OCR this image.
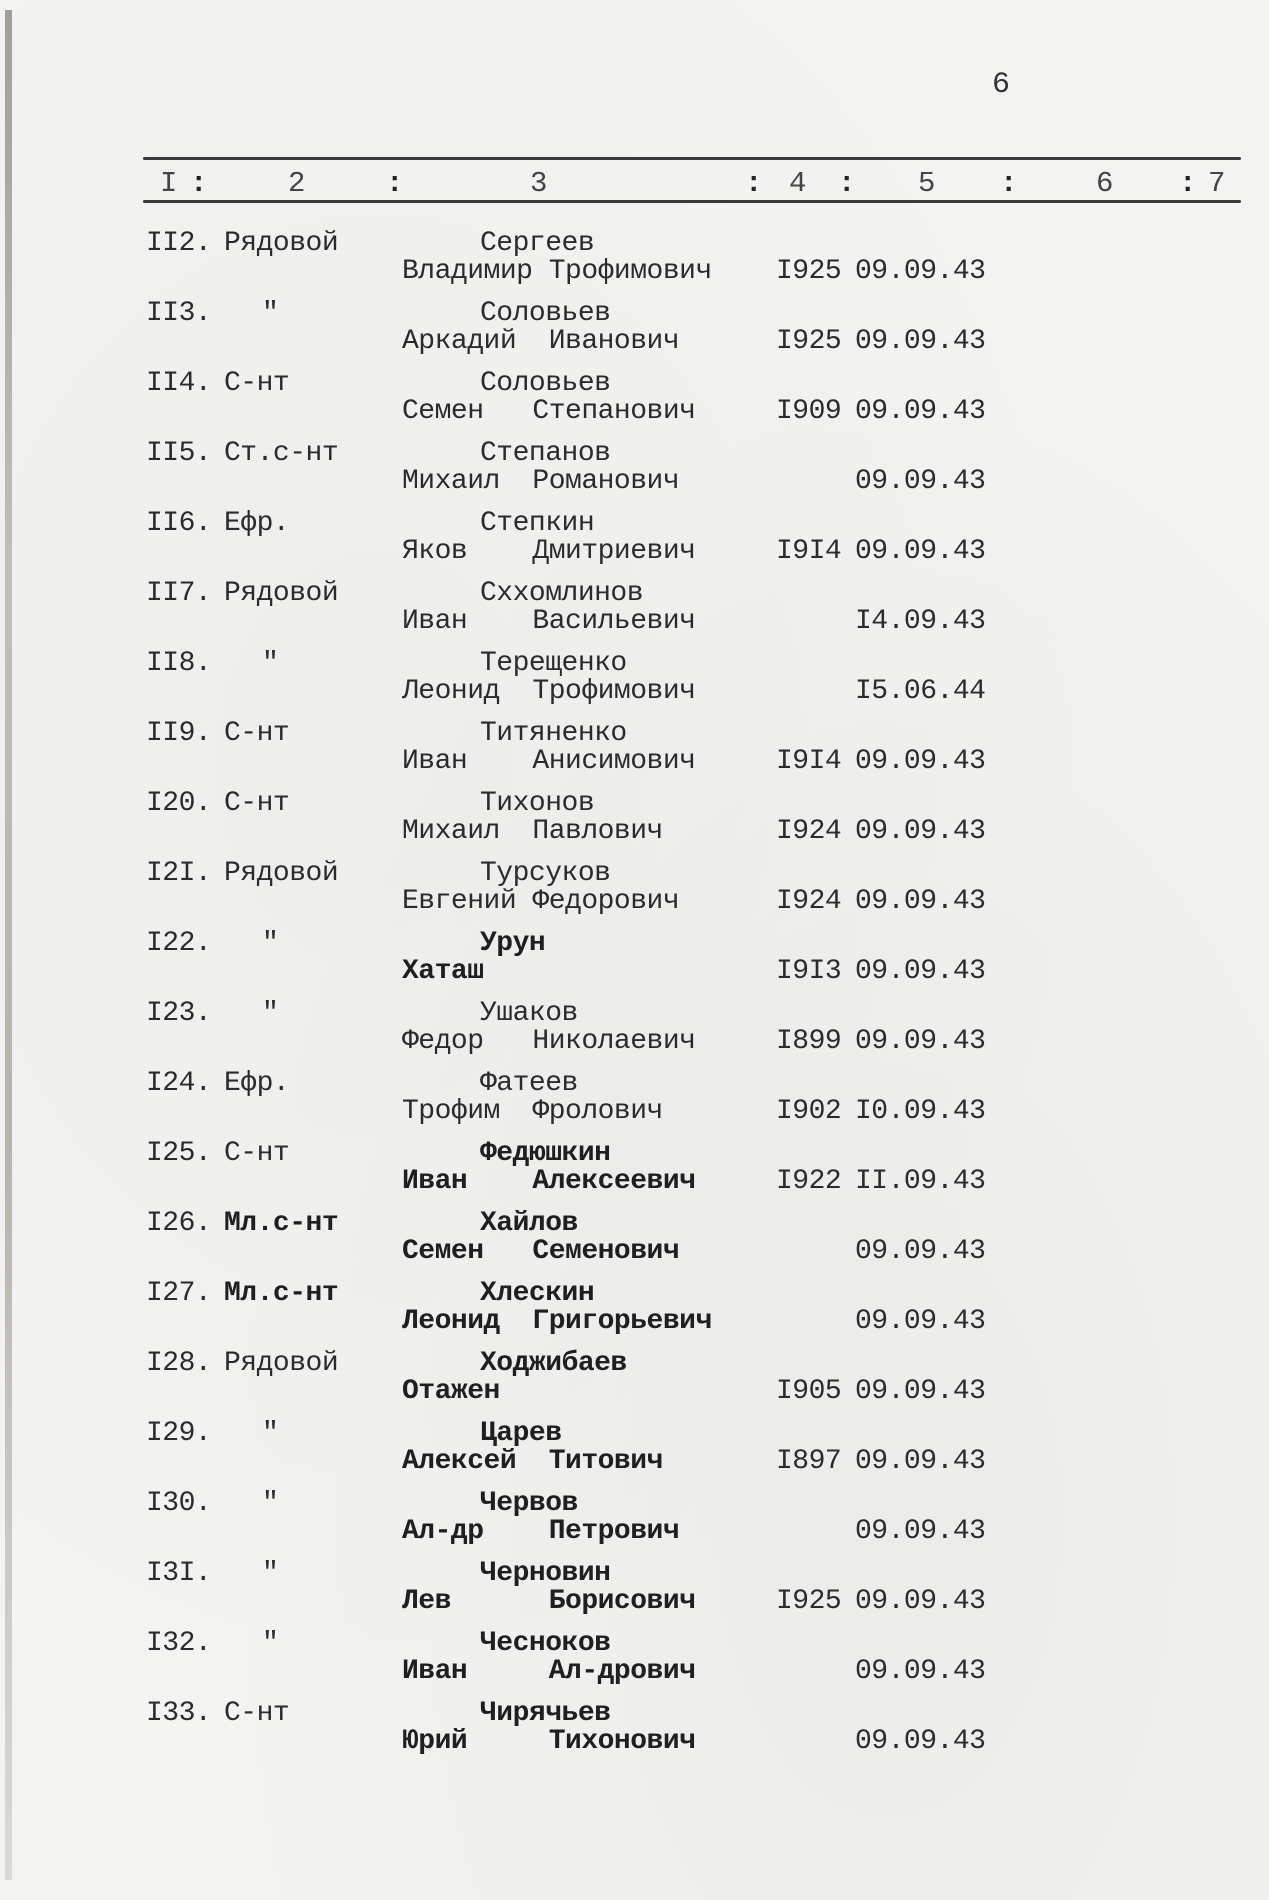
6
I :	2	:	3	: 4 : 5 :	6 : 7
II2. Рядовой	Сергеев
Владимир Трофимович I925 09.09.43
II3. "	Соловьев
Аркадий  Иванович	I925 09.09.43
II4. С-нт	Соловьев
Семен   Степанович	I909 09.09.43
II5. Ст.с-нт	Степанов
Михаил  Романович	09.09.43
II6. Ефр.	Степкин
Яков    Дмитриевич	I9I4 09.09.43
II7. Рядовой	Сххомлинов
Иван    Васильевич	I4.09.43
II8. "	Терещенко
Леонид  Трофимович	I5.06.44
II9. С-нт	Титяненко
Иван    Анисимович	I9I4 09.09.43
I20. С-нт	Тихонов
Михаил  Павлович	I924 09.09.43
I2I. Рядовой	Турсуков
Евгений Федорович	I924 09.09.43
I22. "	Урун
Хаташ	I9I3 09.09.43
I23. "	Ушаков
Федор   Николаевич	I899 09.09.43
I24. Ефр.	Фатеев
Трофим  Фролович	I902 I0.09.43
I25. С-нт	Федюшкин
Иван    Алексеевич	I922 II.09.43
I26. Мл.с-нт	Хайлов
Семен   Семенович	09.09.43
I27. Мл.с-нт	Хлескин
Леонид  Григорьевич	09.09.43
I28. Рядовой	Ходжибаев
Отажен	I905 09.09.43
I29. "	Царев
Алексей  Титович	I897 09.09.43
I30. "	Червов
Ал-др    Петрович	09.09.43
I3I. "	Черновин
Лев      Борисович	I925 09.09.43
I32. "	Чесноков
Иван     Ал-дрович	09.09.43
I33. С-нт	Чирячьев
Юрий     Тихонович	09.09.43
